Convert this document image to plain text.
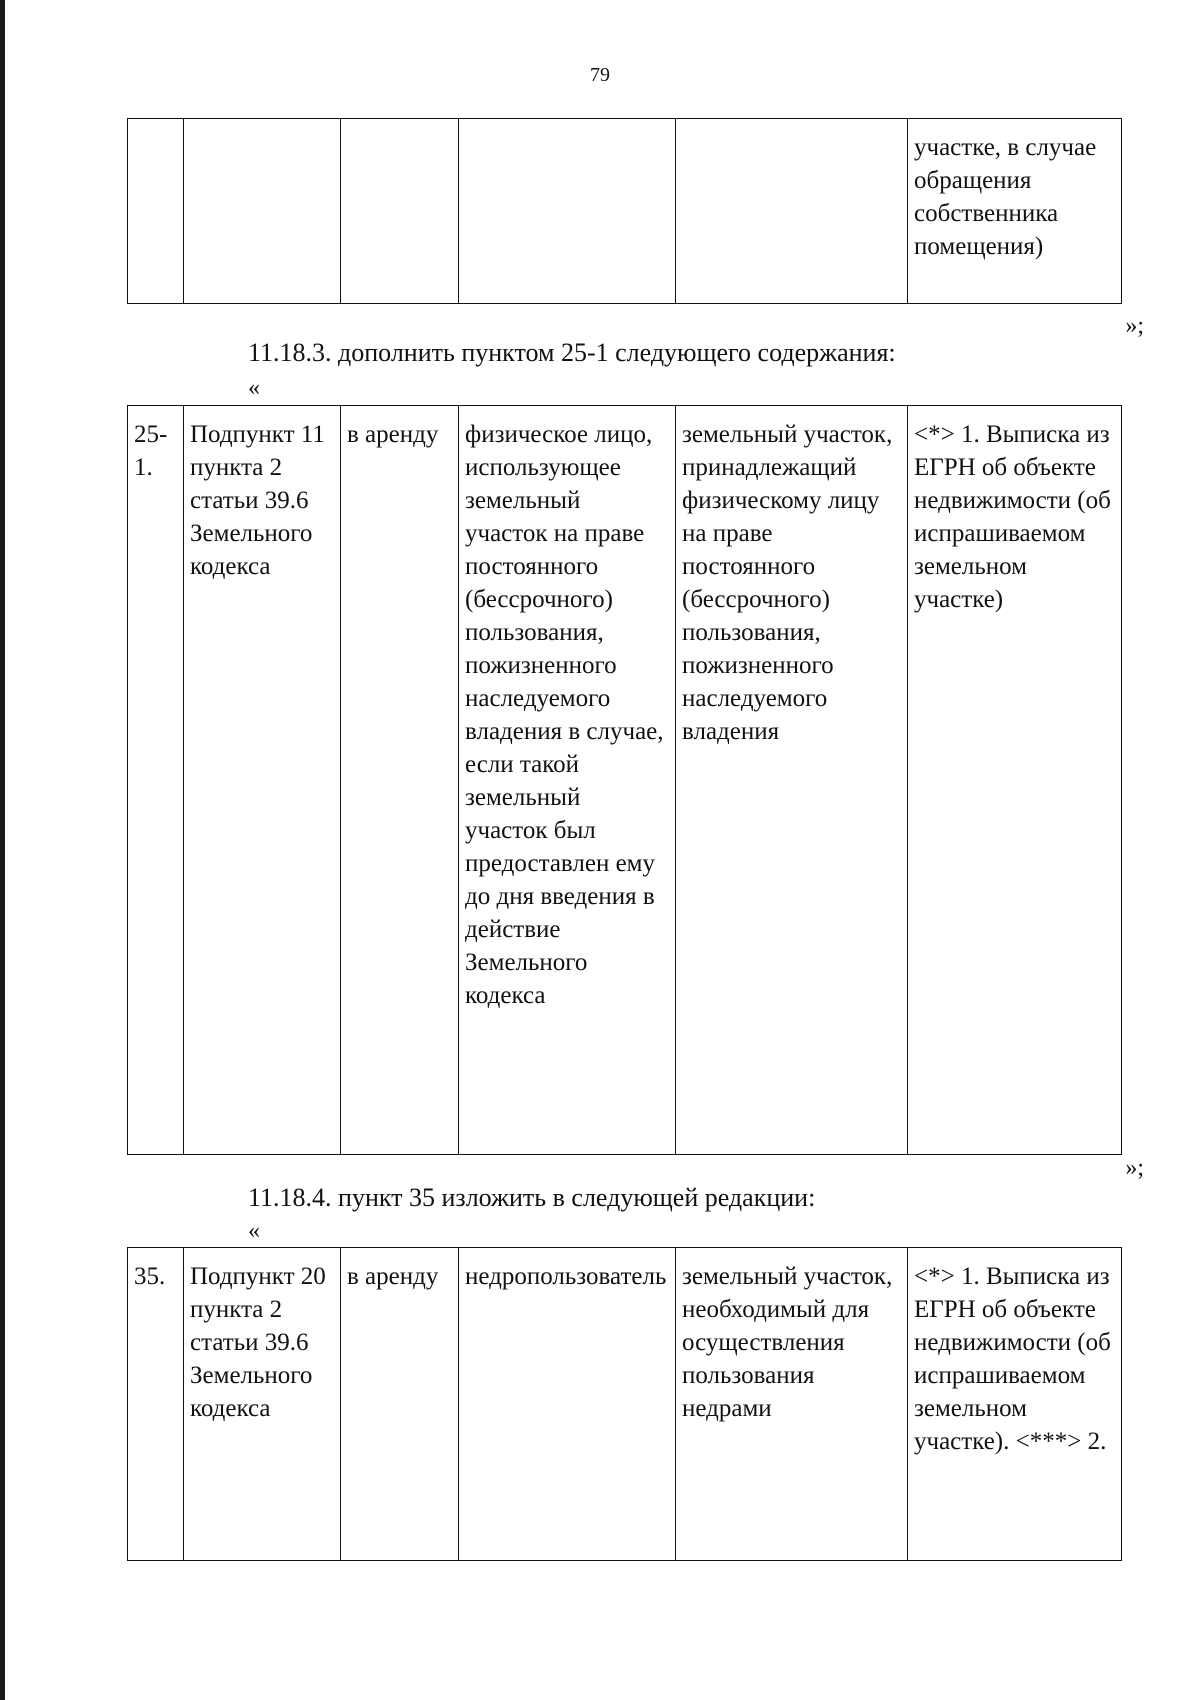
79
					участке, в случае обращения собственника помещения)
»;
11.18.3. дополнить пунктом 25-1 следующего содержания:
«
25-1.	Подпункт 11 пункта 2 статьи 39.6 Земельного кодекса	в аренду	физическое лицо, использующее земельный участок на праве постоянного (бессрочного) пользования, пожизненного наследуемого владения в случае, если такой земельный участок был предоставлен ему до дня введения в действие Земельного кодекса	земельный участок, принадлежащий физическому лицу на праве постоянного (бессрочного) пользования, пожизненного наследуемого владения	<*> 1. Выписка из ЕГРН об объекте недвижимости (об испрашиваемом земельном участке)
»;
11.18.4. пункт 35 изложить в следующей редакции:
«
35.	Подпункт 20 пункта 2 статьи 39.6 Земельного кодекса	в аренду	недропользователь	земельный участок, необходимый для осуществления пользования недрами	<*> 1. Выписка из ЕГРН об объекте недвижимости (об испрашиваемом земельном участке). <***> 2.
